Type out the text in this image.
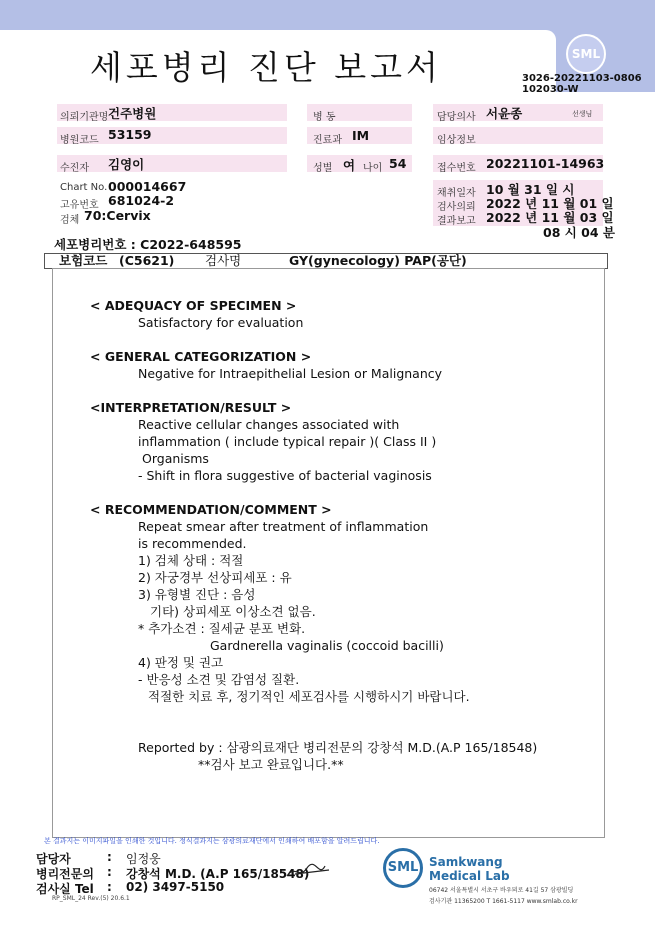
세포병리 진단 보고서	SML
3026-20221103-0806
102030-W
의뢰기관명 건주병원	병 동	담당의사 서윤종	선생님
병원코드 53159	진료과 IM	임상정보
수진자 김영이	성별 여 나이 54	접수번호 20221101-14963
Chart No. 000014667
고유번호 681024-2
검체 70:Cervix
채취일자 10 월 31 일 시
검사의뢰 2022 년 11 월 01 일
결과보고 2022 년 11 월 03 일
08 시 04 분
세포병리번호 : C2022-648595
보험코드 (C5621) 검사명	GY(gynecology) PAP(공단)
< ADEQUACY OF SPECIMEN >
Satisfactory for evaluation
< GENERAL CATEGORIZATION >
Negative for Intraepithelial Lesion or Malignancy
<INTERPRETATION/RESULT >
Reactive cellular changes associated with
inflammation ( include typical repair )( Class II )
Organisms
- Shift in flora suggestive of bacterial vaginosis
< RECOMMENDATION/COMMENT >
Repeat smear after treatment of inflammation
is recommended.
1) 검체 상태 : 적절
2) 자궁경부 선상피세포 : 유
3) 유형별 진단 : 음성
기타) 상피세포 이상소견 없음.
* 추가소견 : 질세균 분포 변화.
Gardnerella vaginalis (coccoid bacilli)
4) 판정 및 권고
- 반응성 소견 및 감염성 질환.
적절한 치료 후, 정기적인 세포검사를 시행하시기 바랍니다.
Reported by : 삼광의료재단 병리전문의 강창석 M.D.(A.P 165/18548)
**검사 보고 완료입니다.**
본 결과지는 이미지파일을 인쇄한 것입니다. 정식결과지는 삼광의료재단에서 인쇄하여 배포함을 알려드립니다.
담당자	: 임정웅
병리전문의 : 강창석 M.D. (A.P 165/18548)
검사실 Tel : 02) 3497-5150
RP_SML_24 Rev.(5) 20.6.1
SML Samkwang
Medical Lab
06742 서울특별시 서초구 바우뫼로 41길 57 삼광빌딩
검사기관 11365200 T 1661-5117 www.smlab.co.kr
